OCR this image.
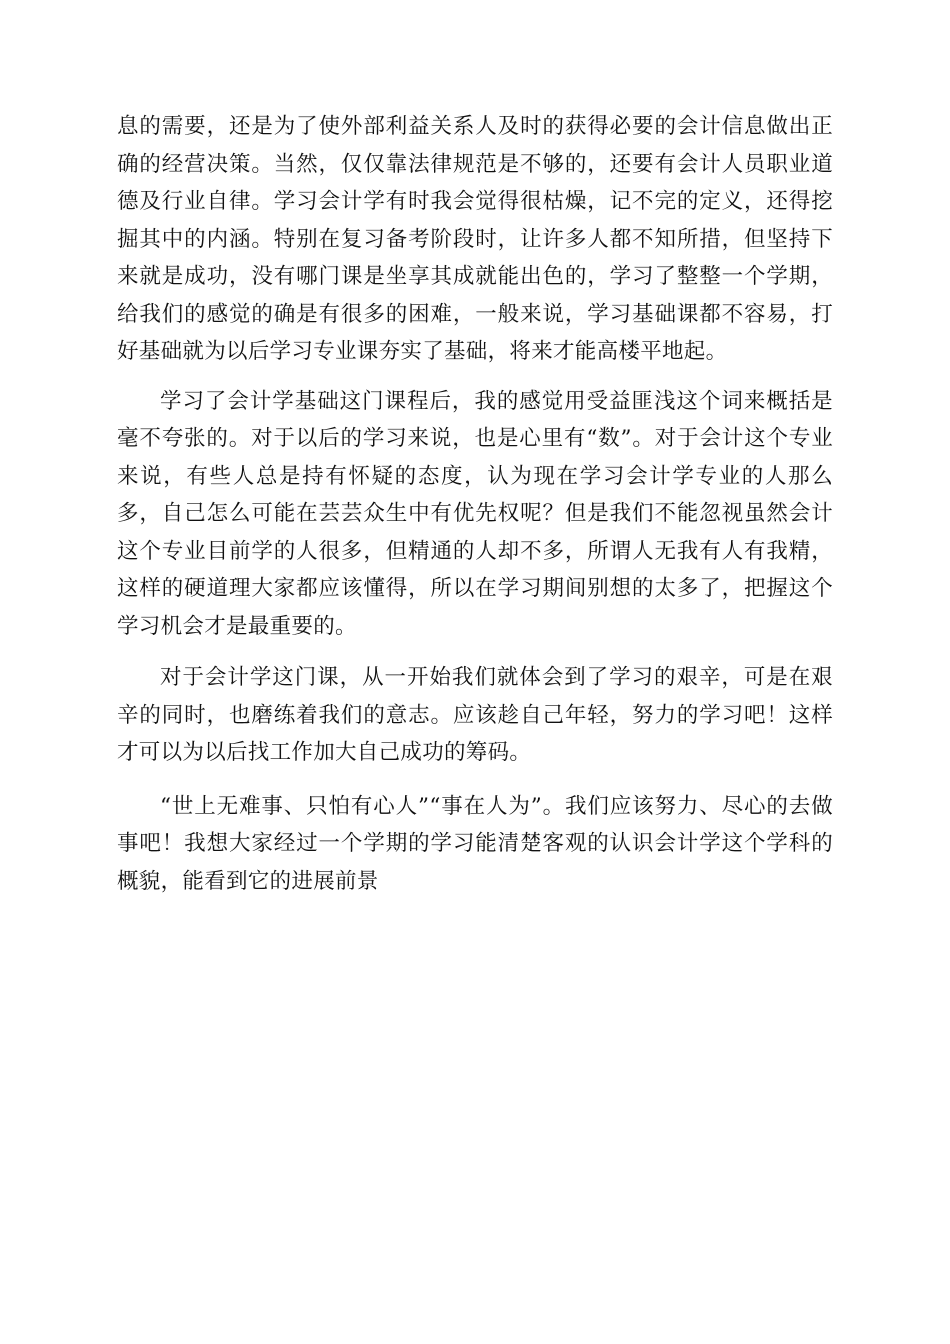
息的需要，还是为了使外部利益关系人及时的获得必要的会计信息做出正确的经营决策。当然，仅仅靠法律规范是不够的，还要有会计人员职业道德及行业自律。学习会计学有时我会觉得很枯燥，记不完的定义，还得挖掘其中的内涵。特别在复习备考阶段时，让许多人都不知所措，但坚持下来就是成功，没有哪门课是坐享其成就能出色的，学习了整整一个学期，给我们的感觉的确是有很多的困难，一般来说，学习基础课都不容易，打好基础就为以后学习专业课夯实了基础，将来才能高楼平地起。

学习了会计学基础这门课程后，我的感觉用受益匪浅这个词来概括是毫不夸张的。对于以后的学习来说，也是心里有“数”。对于会计这个专业来说，有些人总是持有怀疑的态度，认为现在学习会计学专业的人那么多，自己怎么可能在芸芸众生中有优先权呢？但是我们不能忽视虽然会计这个专业目前学的人很多，但精通的人却不多，所谓人无我有人有我精，这样的硬道理大家都应该懂得，所以在学习期间别想的太多了，把握这个学习机会才是最重要的。

对于会计学这门课，从一开始我们就体会到了学习的艰辛，可是在艰辛的同时，也磨练着我们的意志。应该趁自己年轻，努力的学习吧！这样才可以为以后找工作加大自己成功的筹码。

“世上无难事、只怕有心人”“事在人为”。我们应该努力、尽心的去做事吧！我想大家经过一个学期的学习能清楚客观的认识会计学这个学科的概貌，能看到它的进展前景
